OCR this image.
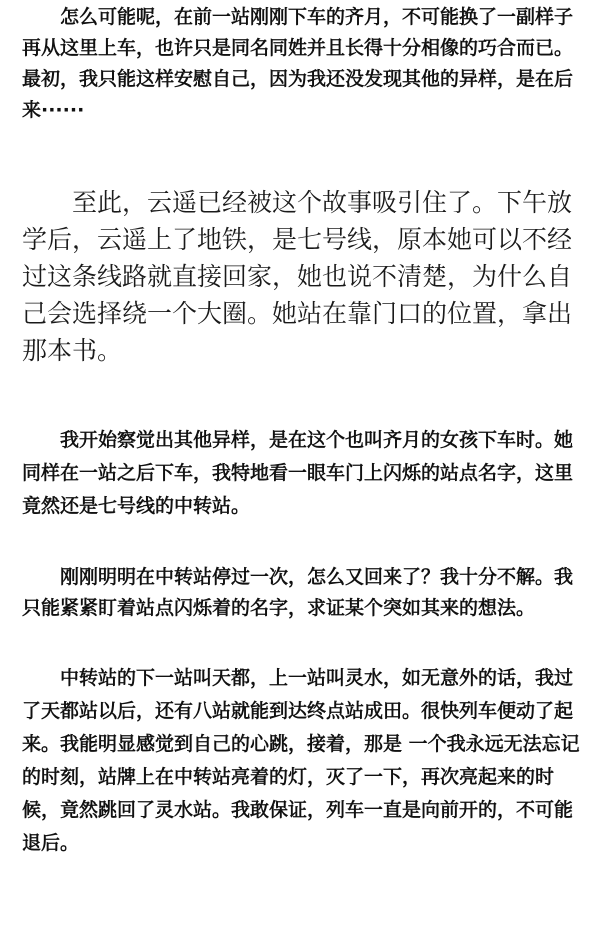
怎么可能呢，在前一站刚刚下车的齐月，不可能换了一副样子再从这里上车，也许只是同名同姓并且长得十分相像的巧合而已。最初，我只能这样安慰自己，因为我还没发现其他的异样，是在后来······

至此，云遥已经被这个故事吸引住了。下午放学后，云遥上了地铁，是七号线，原本她可以不经过这条线路就直接回家，她也说不清楚，为什么自己会选择绕一个大圈。她站在靠门口的位置，拿出那本书。

我开始察觉出其他异样，是在这个也叫齐月的女孩下车时。她同样在一站之后下车，我特地看一眼车门上闪烁的站点名字，这里竟然还是七号线的中转站。

刚刚明明在中转站停过一次，怎么又回来了？我十分不解。我只能紧紧盯着站点闪烁着的名字，求证某个突如其来的想法。

中转站的下一站叫天都，上一站叫灵水，如无意外的话，我过了天都站以后，还有八站就能到达终点站成田。很快列车便动了起来。我能明显感觉到自己的心跳，接着，那是 一个我永远无法忘记的时刻，站牌上在中转站亮着的灯，灭了一下，再次亮起来的时候，竟然跳回了灵水站。我敢保证，列车一直是向前开的，不可能退后。
